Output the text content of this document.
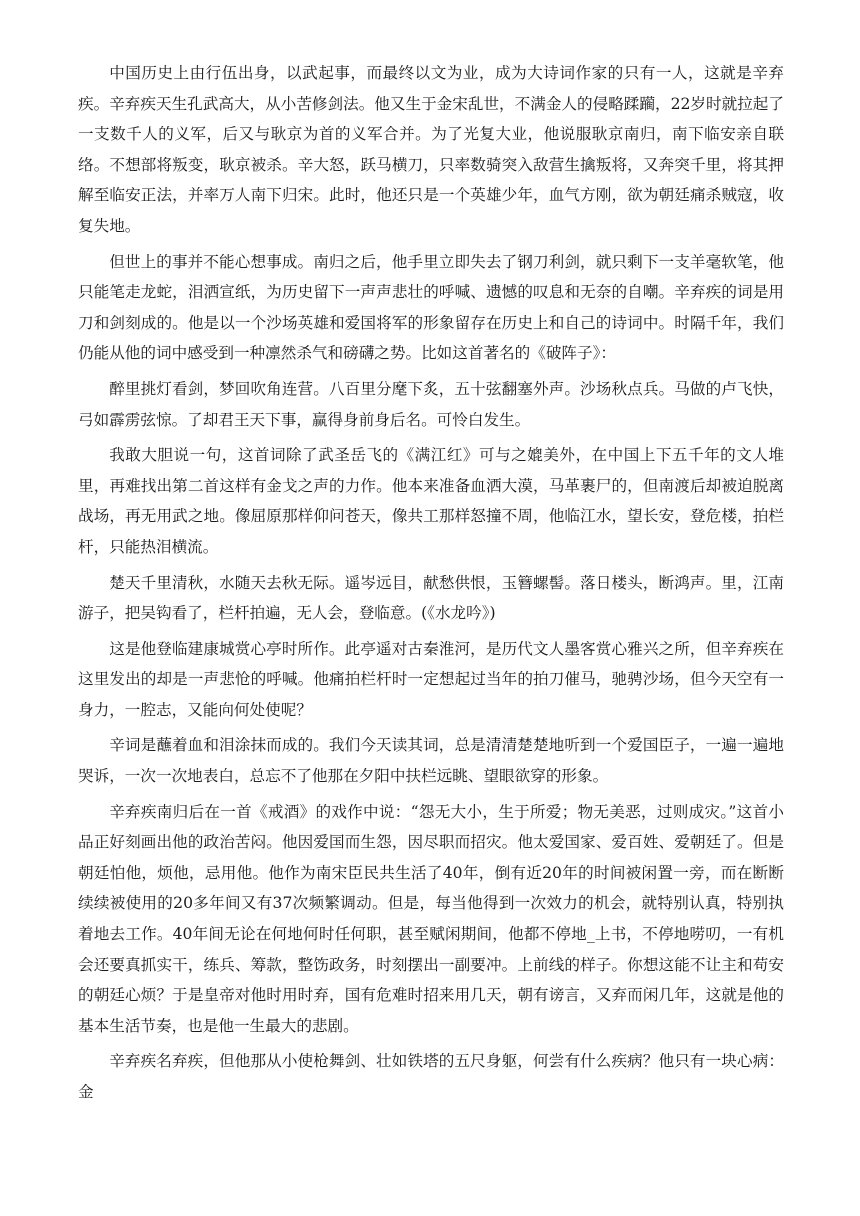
中国历史上由行伍出身，以武起事，而最终以文为业，成为大诗词作家的只有一人，这就是辛弃疾。辛弃疾天生孔武高大，从小苦修剑法。他又生于金宋乱世，不满金人的侵略蹂躏，22岁时就拉起了一支数千人的义军，后又与耿京为首的义军合并。为了光复大业，他说服耿京南归，南下临安亲自联络。不想部将叛变，耿京被杀。辛大怒，跃马横刀，只率数骑突入敌营生擒叛将，又奔突千里，将其押解至临安正法，并率万人南下归宋。此时，他还只是一个英雄少年，血气方刚，欲为朝廷痛杀贼寇，收复失地。

但世上的事并不能心想事成。南归之后，他手里立即失去了钢刀利剑，就只剩下一支羊毫软笔，他只能笔走龙蛇，泪洒宣纸，为历史留下一声声悲壮的呼喊、遗憾的叹息和无奈的自嘲。辛弃疾的词是用刀和剑刻成的。他是以一个沙场英雄和爱国将军的形象留存在历史上和自己的诗词中。时隔千年，我们仍能从他的词中感受到一种凛然杀气和磅礴之势。比如这首著名的《破阵子》：

醉里挑灯看剑，梦回吹角连营。八百里分麾下炙，五十弦翻塞外声。沙场秋点兵。马做的卢飞快，弓如霹雳弦惊。了却君王天下事，赢得身前身后名。可怜白发生。

我敢大胆说一句，这首词除了武圣岳飞的《满江红》可与之媲美外，在中国上下五千年的文人堆里，再难找出第二首这样有金戈之声的力作。他本来准备血洒大漠，马革裹尸的，但南渡后却被迫脱离战场，再无用武之地。像屈原那样仰问苍天，像共工那样怒撞不周，他临江水，望长安，登危楼，拍栏杆，只能热泪横流。

楚天千里清秋，水随天去秋无际。遥岑远目，献愁供恨，玉簪螺髻。落日楼头，断鸿声。里，江南游子，把吴钩看了，栏杆拍遍，无人会，登临意。(《水龙吟》)

这是他登临建康城赏心亭时所作。此亭遥对古秦淮河，是历代文人墨客赏心雅兴之所，但辛弃疾在这里发出的却是一声悲怆的呼喊。他痛拍栏杆时一定想起过当年的拍刀催马，驰骋沙场，但今天空有一身力，一腔志，又能向何处使呢？

辛词是蘸着血和泪涂抹而成的。我们今天读其词，总是清清楚楚地听到一个爱国臣子，一遍一遍地哭诉，一次一次地表白，总忘不了他那在夕阳中扶栏远眺、望眼欲穿的形象。

辛弃疾南归后在一首《戒酒》的戏作中说：“怨无大小，生于所爱；物无美恶，过则成灾。”这首小品正好刻画出他的政治苦闷。他因爱国而生怨，因尽职而招灾。他太爱国家、爱百姓、爱朝廷了。但是朝廷怕他，烦他，忌用他。他作为南宋臣民共生活了40年，倒有近20年的时间被闲置一旁，而在断断续续被使用的20多年间又有37次频繁调动。但是，每当他得到一次效力的机会，就特别认真，特别执着地去工作。40年间无论在何地何时任何职，甚至赋闲期间，他都不停地_上书，不停地唠叨，一有机会还要真抓实干，练兵、筹款，整饬政务，时刻摆出一副要冲。上前线的样子。你想这能不让主和苟安的朝廷心烦？于是皇帝对他时用时弃，国有危难时招来用几天，朝有谤言，又弃而闲几年，这就是他的基本生活节奏，也是他一生最大的悲剧。

辛弃疾名弃疾，但他那从小使枪舞剑、壮如铁塔的五尺身躯，何尝有什么疾病？他只有一块心病：金
